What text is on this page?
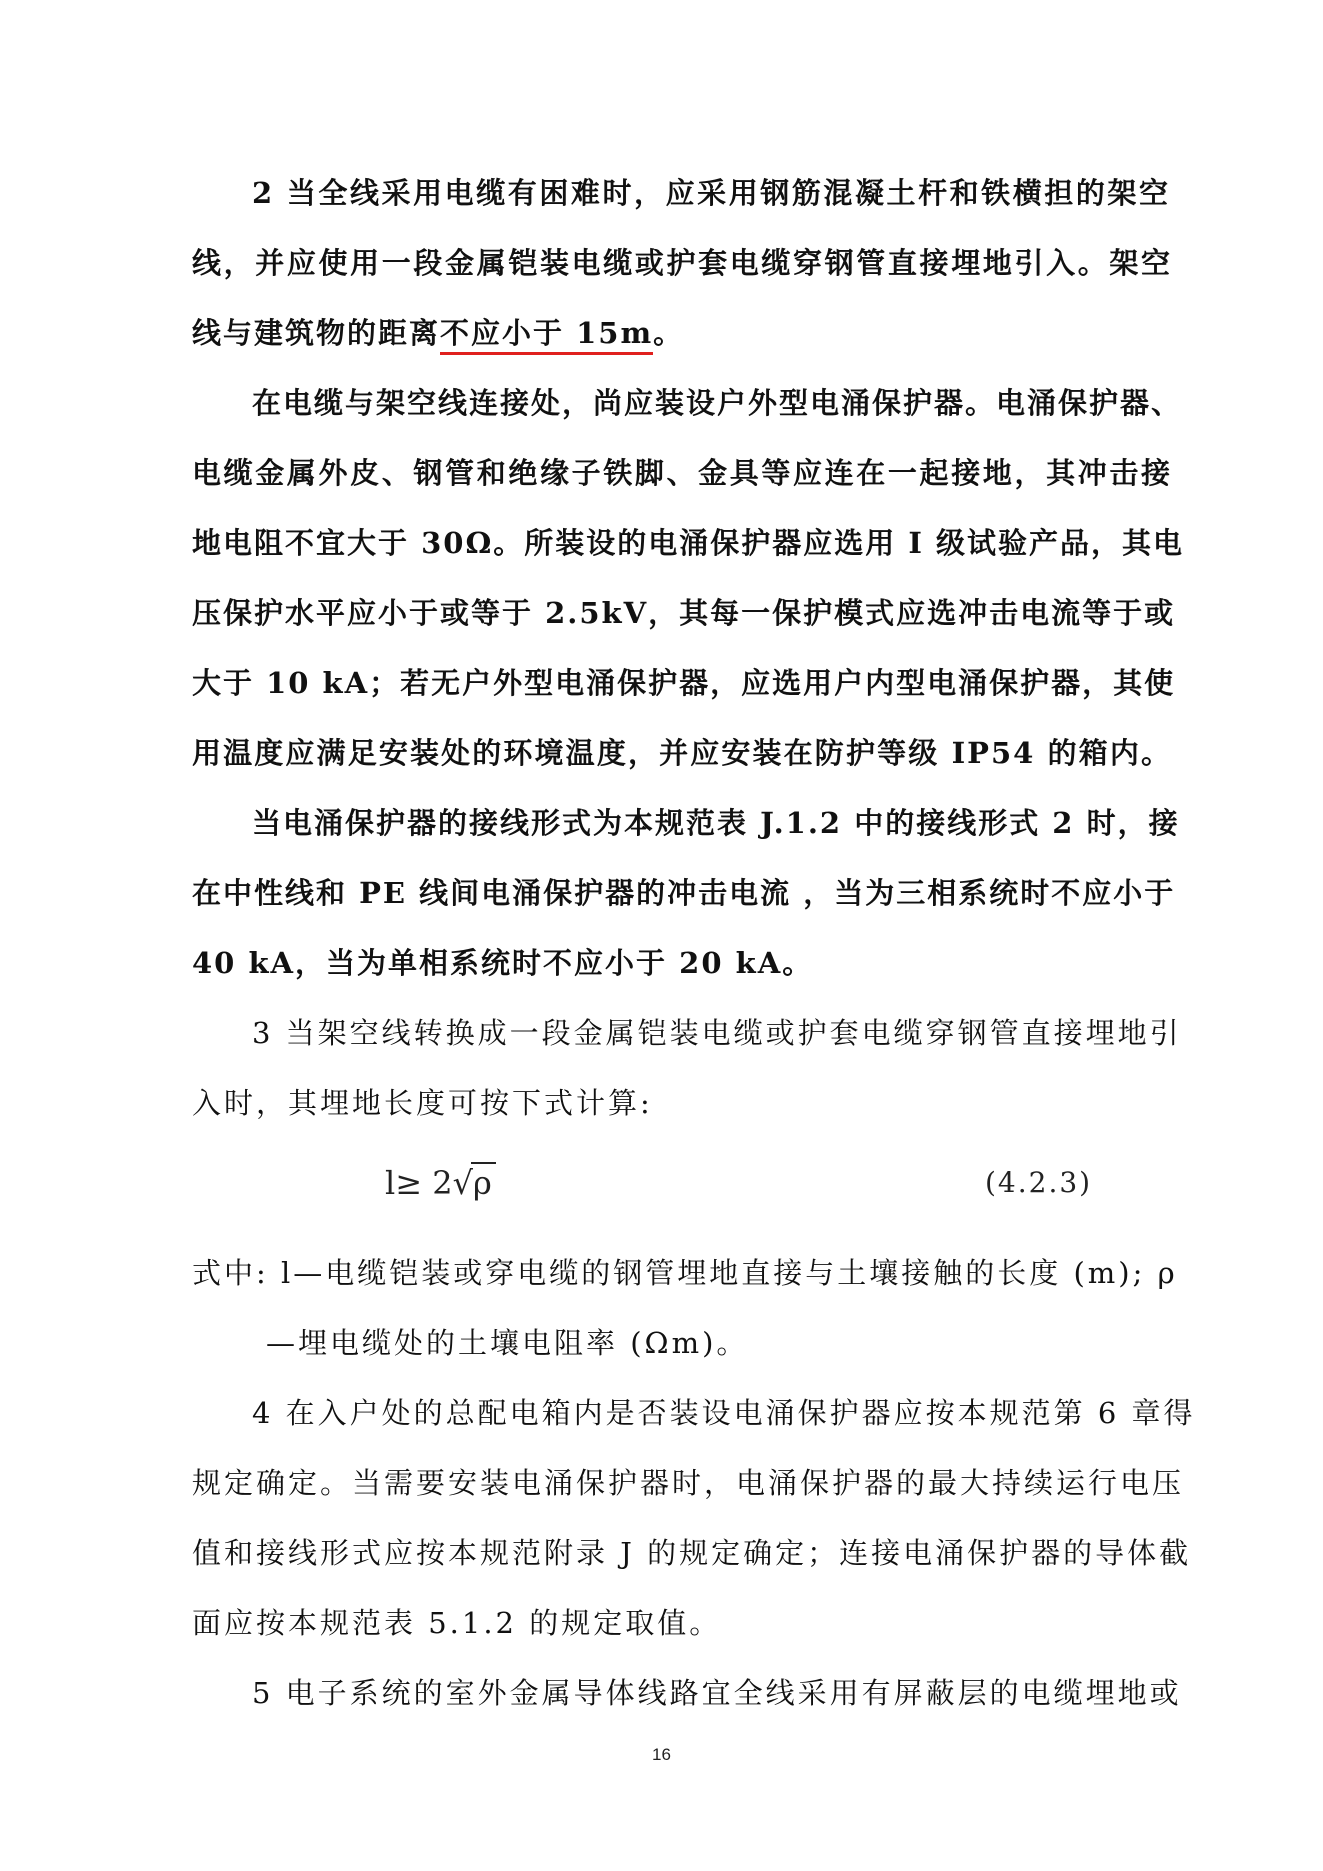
2 当全线采用电缆有困难时，应采用钢筋混凝土杆和铁横担的架空
线，并应使用一段金属铠装电缆或护套电缆穿钢管直接埋地引入。架空
线与建筑物的距离不应小于 15m。
在电缆与架空线连接处，尚应装设户外型电涌保护器。电涌保护器、
电缆金属外皮、钢管和绝缘子铁脚、金具等应连在一起接地，其冲击接
地电阻不宜大于 30Ω。所装设的电涌保护器应选用 I 级试验产品，其电
压保护水平应小于或等于 2.5kV，其每一保护模式应选冲击电流等于或
大于 10 kA；若无户外型电涌保护器，应选用户内型电涌保护器，其使
用温度应满足安装处的环境温度，并应安装在防护等级 IP54 的箱内。
当电涌保护器的接线形式为本规范表 J.1.2 中的接线形式 2 时，接
在中性线和 PE 线间电涌保护器的冲击电流 ，当为三相系统时不应小于
40 kA，当为单相系统时不应小于 20 kA。
3 当架空线转换成一段金属铠装电缆或护套电缆穿钢管直接埋地引
入时，其埋地长度可按下式计算:
l≥ 2√ρ	(4.2.3)
式中: l—电缆铠装或穿电缆的钢管埋地直接与土壤接触的长度 (m); ρ
—埋电缆处的土壤电阻率 (Ωm)。
4 在入户处的总配电箱内是否装设电涌保护器应按本规范第 6 章得
规定确定。当需要安装电涌保护器时，电涌保护器的最大持续运行电压
值和接线形式应按本规范附录 J 的规定确定；连接电涌保护器的导体截
面应按本规范表 5.1.2 的规定取值。
5 电子系统的室外金属导体线路宜全线采用有屏蔽层的电缆埋地或
16
